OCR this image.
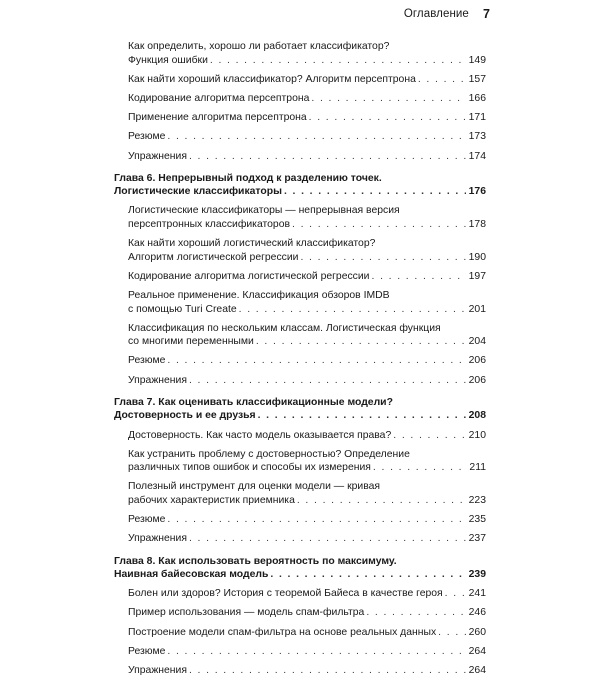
Оглавление 7
Как определить, хорошо ли работает классификатор?
Функция ошибки . . .	149
Как найти хороший классификатор? Алгоритм персептрона . . .	157
Кодирование алгоритма персептрона . . .	166
Применение алгоритма персептрона . . .	171
Резюме . . .	173
Упражнения . . .	174
Глава 6. Непрерывный подход к разделению точек.
Логистические классификаторы . . .	176
Логистические классификаторы — непрерывная версия
персептронных классификаторов . . .	178
Как найти хороший логистический классификатор?
Алгоритм логистической регрессии . . .	190
Кодирование алгоритма логистической регрессии . . .	197
Реальное применение. Классификация обзоров IMDB
с помощью Turi Create . . .	201
Классификация по нескольким классам. Логистическая функция
со многими переменными . . .	204
Резюме . . .	206
Упражнения . . .	206
Глава 7. Как оценивать классификационные модели?
Достоверность и ее друзья . . .	208
Достоверность. Как часто модель оказывается права? . . .	210
Как устранить проблему с достоверностью? Определение
различных типов ошибок и способы их измерения . . .	211
Полезный инструмент для оценки модели — кривая
рабочих характеристик приемника . . .	223
Резюме . . .	235
Упражнения . . .	237
Глава 8. Как использовать вероятность по максимуму.
Наивная байесовская модель . . .	239
Болен или здоров? История с теоремой Байеса в качестве героя . . . 241
Пример использования — модель спам-фильтра . . .	246
Построение модели спам-фильтра на основе реальных данных . . .	260
Резюме . . .	264
Упражнения . . .	264
